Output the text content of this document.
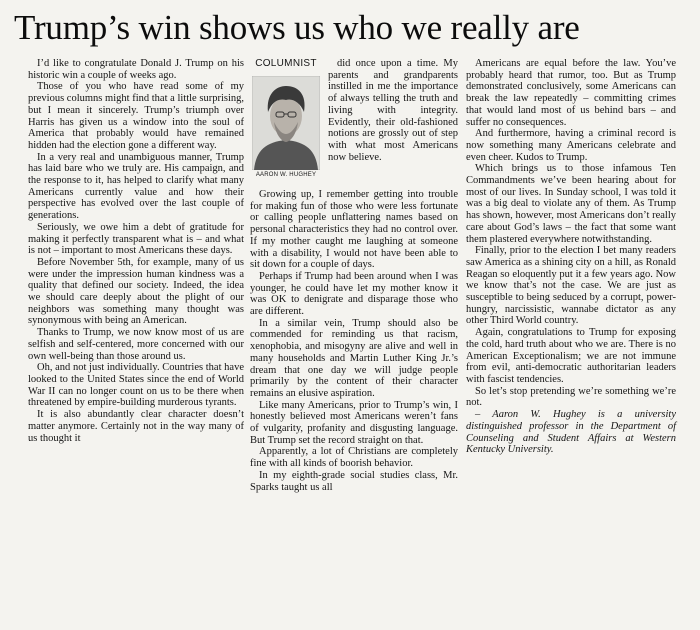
Trump’s win shows us who we really are

I’d like to congratulate Donald J. Trump on his historic win a couple of weeks ago.

Those of you who have read some of my previous columns might find that a little surprising, but I mean it sincerely. Trump’s triumph over Harris has given us a window into the soul of America that probably would have remained hidden had the election gone a different way.

In a very real and unambiguous manner, Trump has laid bare who we truly are. His campaign, and the response to it, has helped to clarify what many Americans currently value and how their perspective has evolved over the last couple of generations.

Seriously, we owe him a debt of gratitude for making it perfectly transparent what is – and what is not – important to most Americans these days.

Before November 5th, for example, many of us were under the impression human kindness was a quality that defined our society. Indeed, the idea we should care deeply about the plight of our neighbors was something many thought was synonymous with being an American.

Thanks to Trump, we now know most of us are selfish and self-centered, more concerned with our own well-being than those around us.

Oh, and not just individually. Countries that have looked to the United States since the end of World War II can no longer count on us to be there when threatened by empire-building murderous tyrants.

It is also abundantly clear character doesn’t matter anymore. Certainly not in the way many of us thought it

COLUMNIST
AARON W. HUGHEY

did once upon a time. My parents and grandparents instilled in me the importance of always telling the truth and living with integrity. Evidently, their old-fashioned notions are grossly out of step with what most Americans now believe.

Growing up, I remember getting into trouble for making fun of those who were less fortunate or calling people unflattering names based on personal characteristics they had no control over. If my mother caught me laughing at someone with a disability, I would not have been able to sit down for a couple of days.

Perhaps if Trump had been around when I was younger, he could have let my mother know it was OK to denigrate and disparage those who are different.

In a similar vein, Trump should also be commended for reminding us that racism, xenophobia, and misogyny are alive and well in many households and Martin Luther King Jr.’s dream that one day we will judge people primarily by the content of their character remains an elusive aspiration.

Like many Americans, prior to Trump’s win, I honestly believed most Americans weren’t fans of vulgarity, profanity and disgusting language. But Trump set the record straight on that.

Apparently, a lot of Christians are completely fine with all kinds of boorish behavior.

In my eighth-grade social studies class, Mr. Sparks taught us all

Americans are equal before the law. You’ve probably heard that rumor, too. But as Trump demonstrated conclusively, some Americans can break the law repeatedly – committing crimes that would land most of us behind bars – and suffer no consequences.

And furthermore, having a criminal record is now something many Americans celebrate and even cheer. Kudos to Trump.

Which brings us to those infamous Ten Commandments we’ve been hearing about for most of our lives. In Sunday school, I was told it was a big deal to violate any of them. As Trump has shown, however, most Americans don’t really care about God’s laws – the fact that some want them plastered everywhere notwithstanding.

Finally, prior to the election I bet many readers saw America as a shining city on a hill, as Ronald Reagan so eloquently put it a few years ago. Now we know that’s not the case. We are just as susceptible to being seduced by a corrupt, power-hungry, narcissistic, wannabe dictator as any other Third World country.

Again, congratulations to Trump for exposing the cold, hard truth about who we are. There is no American Exceptionalism; we are not immune from evil, anti-democratic authoritarian leaders with fascist tendencies.

So let’s stop pretending we’re something we’re not.

– Aaron W. Hughey is a university distinguished professor in the Department of Counseling and Student Affairs at Western Kentucky University.
